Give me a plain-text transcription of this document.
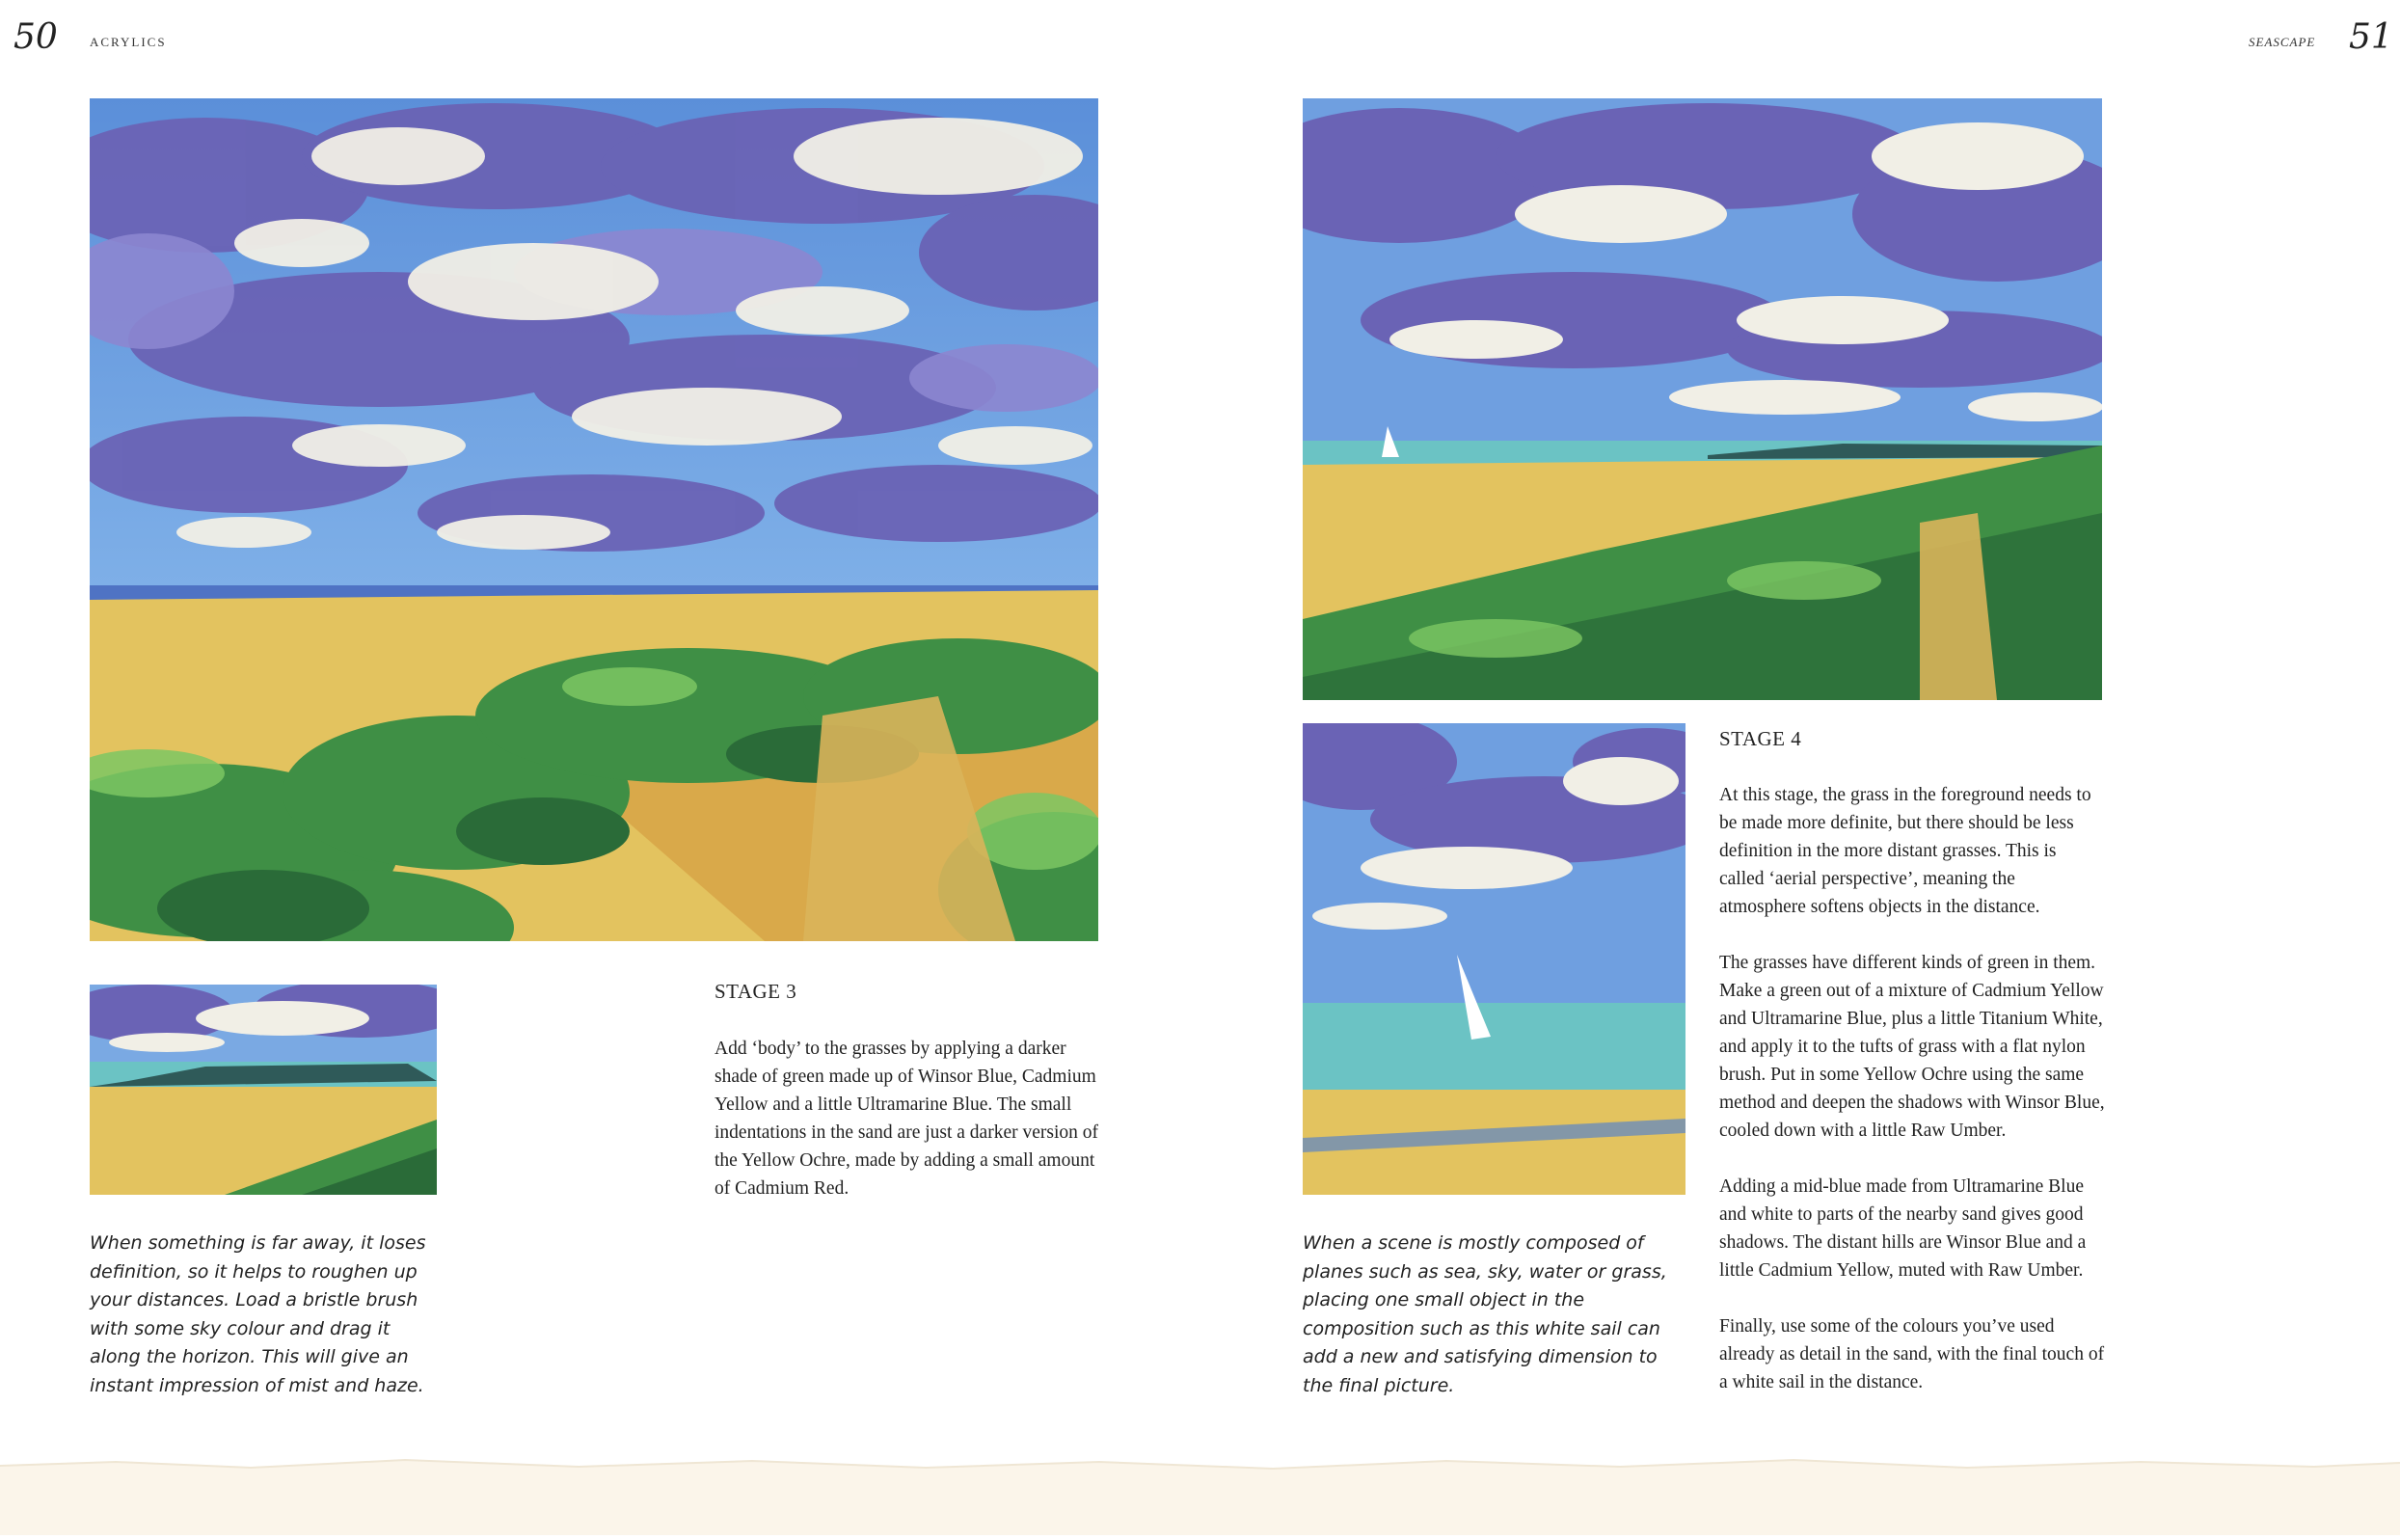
50	ACRYLICS	SEASCAPE 51
When something is far away, it loses definition, so it helps to roughen up your distances. Load a bristle brush with some sky colour and drag it along the horizon. This will give an instant impression of mist and haze.
STAGE 3
Add ‘body’ to the grasses by applying a darker shade of green made up of Winsor Blue, Cadmium Yellow and a little Ultramarine Blue. The small indentations in the sand are just a darker version of the Yellow Ochre, made by adding a small amount of Cadmium Red.
When a scene is mostly composed of planes such as sea, sky, water or grass, placing one small object in the composition such as this white sail can add a new and satisfying dimension to the final picture.
STAGE 4

At this stage, the grass in the foreground needs to be made more definite, but there should be less definition in the more distant grasses. This is called ‘aerial perspective’, meaning the atmosphere softens objects in the distance.

The grasses have different kinds of green in them. Make a green out of a mixture of Cadmium Yellow and Ultramarine Blue, plus a little Titanium White, and apply it to the tufts of grass with a flat nylon brush. Put in some Yellow Ochre using the same method and deepen the shadows with Winsor Blue, cooled down with a little Raw Umber.

Adding a mid-blue made from Ultramarine Blue and white to parts of the nearby sand gives good shadows. The distant hills are Winsor Blue and a little Cadmium Yellow, muted with Raw Umber.

Finally, use some of the colours you’ve used already as detail in the sand, with the final touch of a white sail in the distance.
